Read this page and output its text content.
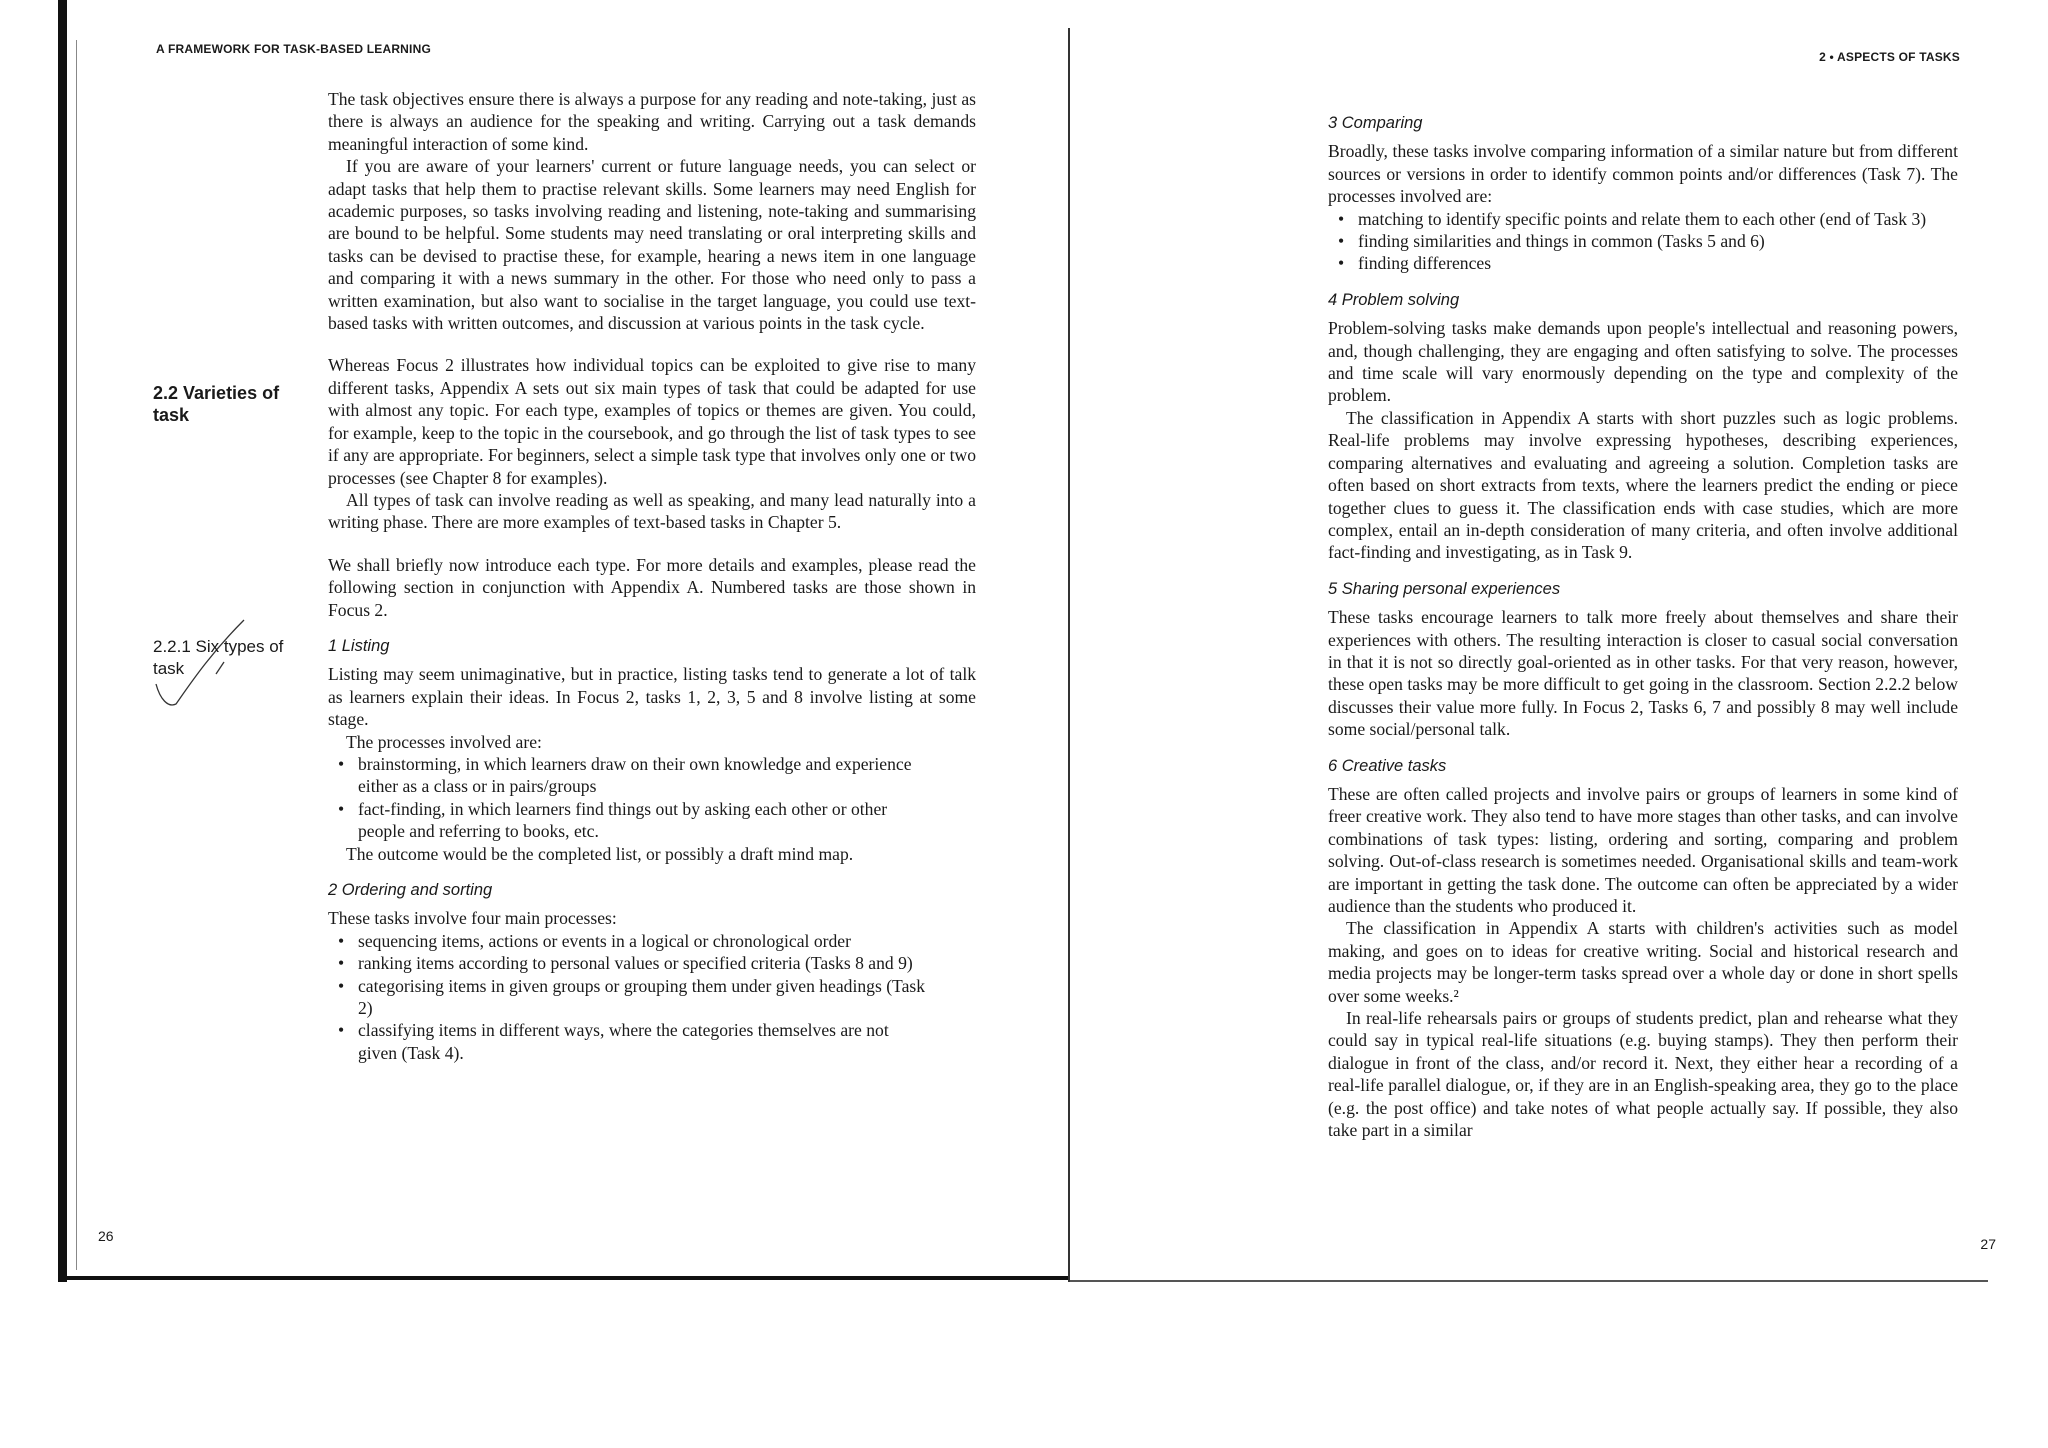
A FRAMEWORK FOR TASK-BASED LEARNING
2.2 Varieties of task
2.2.1 Six types of task

The task objectives ensure there is always a purpose for any reading and note-taking, just as there is always an audience for the speaking and writing. Carrying out a task demands meaningful interaction of some kind.

If you are aware of your learners' current or future language needs, you can select or adapt tasks that help them to practise relevant skills. Some learners may need English for academic purposes, so tasks involving reading and listening, note-taking and summarising are bound to be helpful. Some students may need translating or oral interpreting skills and tasks can be devised to practise these, for example, hearing a news item in one language and comparing it with a news summary in the other. For those who need only to pass a written examination, but also want to socialise in the target language, you could use text-based tasks with written outcomes, and discussion at various points in the task cycle.

Whereas Focus 2 illustrates how individual topics can be exploited to give rise to many different tasks, Appendix A sets out six main types of task that could be adapted for use with almost any topic. For each type, examples of topics or themes are given. You could, for example, keep to the topic in the coursebook, and go through the list of task types to see if any are appropriate. For beginners, select a simple task type that involves only one or two processes (see Chapter 8 for examples).

All types of task can involve reading as well as speaking, and many lead naturally into a writing phase. There are more examples of text-based tasks in Chapter 5.

We shall briefly now introduce each type. For more details and examples, please read the following section in conjunction with Appendix A. Numbered tasks are those shown in Focus 2.

1 Listing

Listing may seem unimaginative, but in practice, listing tasks tend to generate a lot of talk as learners explain their ideas. In Focus 2, tasks 1, 2, 3, 5 and 8 involve listing at some stage.

The processes involved are:

• brainstorming, in which learners draw on their own knowledge and experience either as a class or in pairs/groups
• fact-finding, in which learners find things out by asking each other or other people and referring to books, etc.

The outcome would be the completed list, or possibly a draft mind map.

2 Ordering and sorting

These tasks involve four main processes:

• sequencing items, actions or events in a logical or chronological order
• ranking items according to personal values or specified criteria (Tasks 8 and 9)
• categorising items in given groups or grouping them under given headings (Task 2)
• classifying items in different ways, where the categories themselves are not given (Task 4).
26
2 • ASPECTS OF TASKS
3 Comparing

Broadly, these tasks involve comparing information of a similar nature but from different sources or versions in order to identify common points and/or differences (Task 7). The processes involved are:

• matching to identify specific points and relate them to each other (end of Task 3)
• finding similarities and things in common (Tasks 5 and 6)
• finding differences
4 Problem solving

Problem-solving tasks make demands upon people's intellectual and reasoning powers, and, though challenging, they are engaging and often satisfying to solve. The processes and time scale will vary enormously depending on the type and complexity of the problem.

The classification in Appendix A starts with short puzzles such as logic problems. Real-life problems may involve expressing hypotheses, describing experiences, comparing alternatives and evaluating and agreeing a solution. Completion tasks are often based on short extracts from texts, where the learners predict the ending or piece together clues to guess it. The classification ends with case studies, which are more complex, entail an in-depth consideration of many criteria, and often involve additional fact-finding and investigating, as in Task 9.

5 Sharing personal experiences

These tasks encourage learners to talk more freely about themselves and share their experiences with others. The resulting interaction is closer to casual social conversation in that it is not so directly goal-oriented as in other tasks. For that very reason, however, these open tasks may be more difficult to get going in the classroom. Section 2.2.2 below discusses their value more fully. In Focus 2, Tasks 6, 7 and possibly 8 may well include some social/personal talk.

6 Creative tasks

These are often called projects and involve pairs or groups of learners in some kind of freer creative work. They also tend to have more stages than other tasks, and can involve combinations of task types: listing, ordering and sorting, comparing and problem solving. Out-of-class research is sometimes needed. Organisational skills and team-work are important in getting the task done. The outcome can often be appreciated by a wider audience than the students who produced it.

The classification in Appendix A starts with children's activities such as model making, and goes on to ideas for creative writing. Social and historical research and media projects may be longer-term tasks spread over a whole day or done in short spells over some weeks.²

In real-life rehearsals pairs or groups of students predict, plan and rehearse what they could say in typical real-life situations (e.g. buying stamps). They then perform their dialogue in front of the class, and/or record it. Next, they either hear a recording of a real-life parallel dialogue, or, if they are in an English-speaking area, they go to the place (e.g. the post office) and take notes of what people actually say. If possible, they also take part in a similar

27
